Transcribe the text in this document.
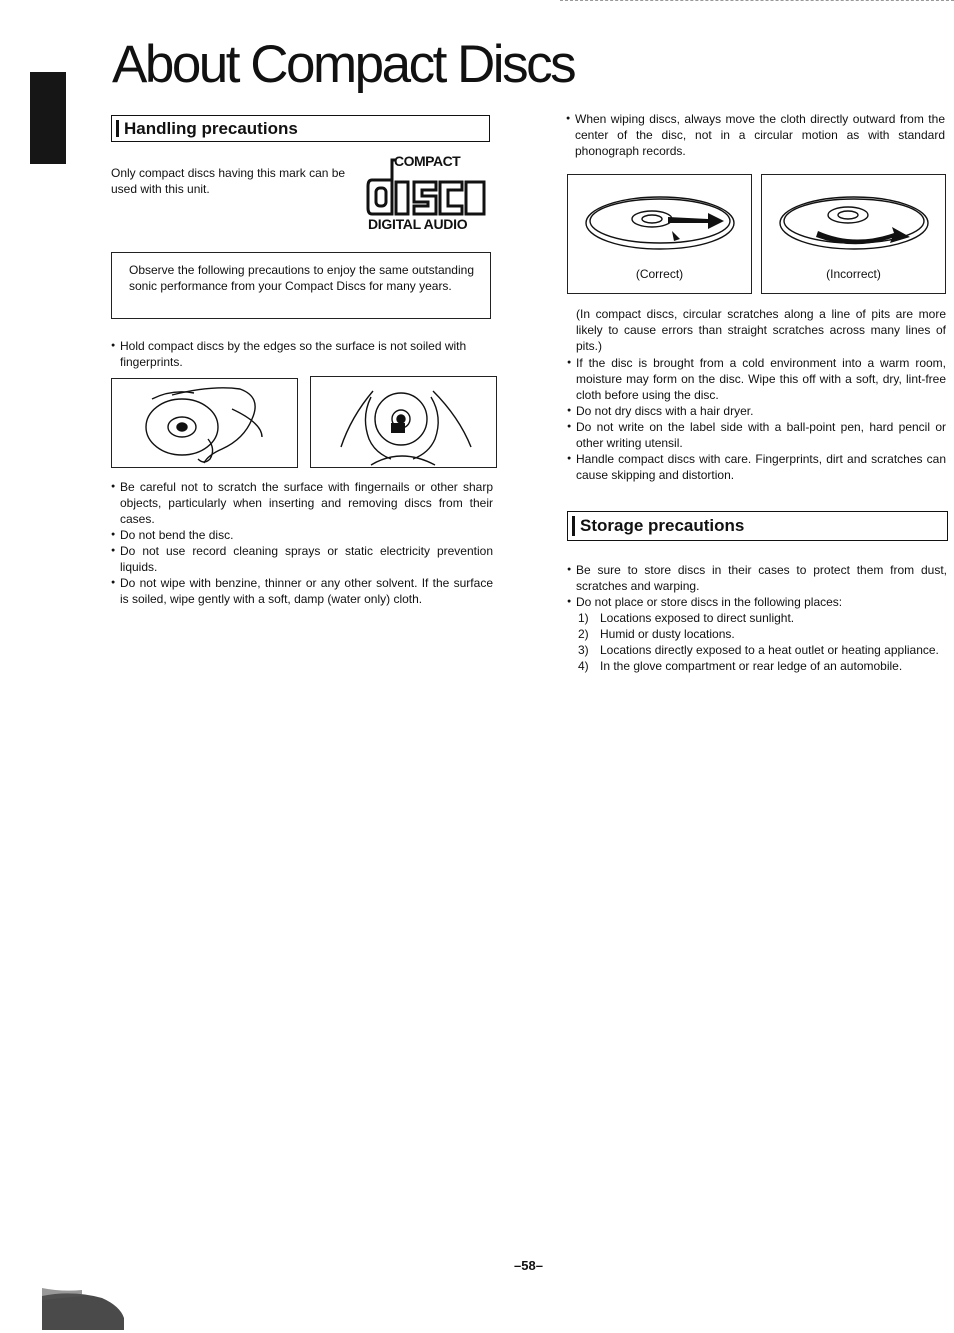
About Compact Discs
Handling precautions
Only compact discs having this mark can be used with this unit.
COMPACT
DIGITAL AUDIO
Observe the following precautions to enjoy the same outstanding sonic performance from your Compact Discs for many years.
● Hold compact discs by the edges so the surface is not soiled with fingerprints.
● Be careful not to scratch the surface with fingernails or other sharp objects, particularly when inserting and removing discs from their cases.
● Do not bend the disc.
● Do not use record cleaning sprays or static electricity prevention liquids.
● Do not wipe with benzine, thinner or any other solvent. If the surface is soiled, wipe gently with a soft, damp (water only) cloth.
● When wiping discs, always move the cloth directly outward from the center of the disc, not in a circular motion as with standard phonograph records.
(Correct)	(Incorrect)
(In compact discs, circular scratches along a line of pits are more likely to cause errors than straight scratches across many lines of pits.)
● If the disc is brought from a cold environment into a warm room, moisture may form on the disc. Wipe this off with a soft, dry, lint-free cloth before using the disc.
● Do not dry discs with a hair dryer.
● Do not write on the label side with a ball-point pen, hard pencil or other writing utensil.
● Handle compact discs with care. Fingerprints, dirt and scratches can cause skipping and distortion.
Storage precautions
● Be sure to store discs in their cases to protect them from dust, scratches and warping.
● Do not place or store discs in the following places:
1) Locations exposed to direct sunlight.
2) Humid or dusty locations.
3) Locations directly exposed to a heat outlet or heating appliance.
4) In the glove compartment or rear ledge of an automobile.
–58–
